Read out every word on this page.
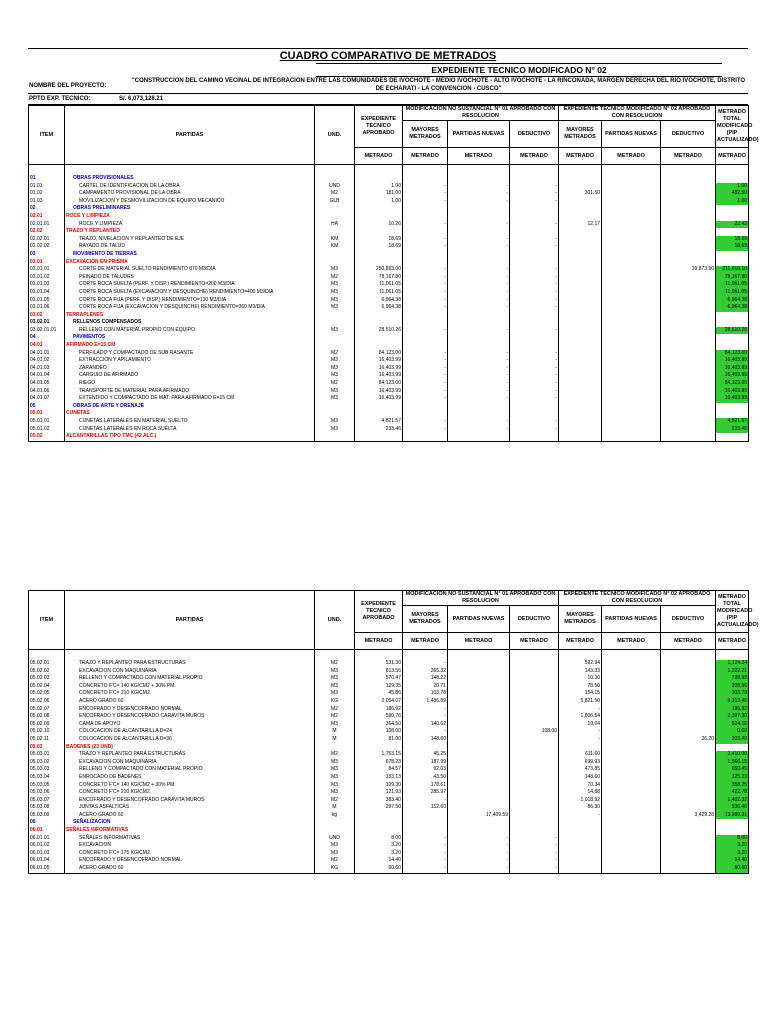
CUADRO COMPARATIVO DE METRADOS
EXPEDIENTE TECNICO MODIFICADO N° 02
NOMBRE DEL PROYECTO:
"CONSTRUCCION DEL CAMINO VECINAL DE INTEGRACION ENTRE LAS COMUNIDADES DE IVOCHOTE - MEDIO IVOCHOTE - ALTO IVOCHOTE - LA RINCONADA, MARGEN DERECHA DEL RIO IVOCHOTE, DISTRITO DE ECHARATI - LA CONVENCION - CUSCO"
PPTO EXP. TECNICO:	S/. 6,073,128.21
ITEM	PARTIDAS	UND.	EXPEDIENTE TECNICO APROBADO	MODIFICACION NO SUSTANCIAL N° 01 APROBADO CON RESOLUCION			EXPEDIENTE TECNICO MODIFICADO N° 02 APROBADO CON RESOLUCION			METRADO TOTAL MODIFICADO (PIP ACTUALIZADO)
				MAYORES METRADOS	PARTIDAS NUEVAS	DEDUCTIVO	MAYORES METRADOS	PARTIDAS NUEVAS	DEDUCTIVO	
			METRADO	METRADO	METRADO	METRADO	METRADO	METRADO	METRADO	METRADO

01	OBRAS PROVISIONALES									
01.01	CARTEL DE IDENTIFICACION DE LA OBRA	UND	1.00	-	-	-				1.00
01.02	CAMPAMENTO PROVISIONAL DE LA OBRA	M2	181.00	-	-	-	301.50			482.50
01.03	MOVILIZACION Y DESMOVILIZACION DE EQUIPO MECANICO	GLB	1.00	-	-	-				1.00
02	OBRAS PRELIMINARES									
02.01	ROCE Y LIMPIEZA									
02.01.01	ROCE Y LIMPIEZA	HA	10.26	-	-	-	12.17			22.43
02.02	TRAZO Y REPLANTEO									
02.02.01	TRAZO, NIVELACION Y REPLANTEO DE EJE	KM	18.69	-	-	-				18.69
02.02.02	RAYADO DE TALUD	KM	18.69	-	-	-				18.69
03	MOVIMIENTO DE TIERRAS									
03.01	EXCAVACION EN PRISMA									
03.01.01	CORTE DE MATERIAL SUELTO RENDIMIENTO 870 M3/DIA	M3	250,893.00	-	-	-			39,873.90	211,019.10
03.01.02	PEINADO DE TALUDES	M2	78,167.80	-	-	-				78,167.80
03.01.03	CORTE ROCA SUELTA (PERF. Y DISP.) RENDIMIENTO=200 M3/DIA	M3	11,061.05	-	-	-				11,061.05
03.01.04	CORTE ROCA SUELTA (EXCAVACION Y DESQUINCHE) RENDIMIENTO=400 M3/DIA	M3	11,061.05	-	-	-				11,061.05
03.01.05	CORTE ROCA FIJA (PERF. Y DISP.) RENDIMIENTO=130 M3/DIA	M3	6,964.38	-	-	-				6,964.38
03.01.06	CORTE ROCA FIJA (EXCAVACION Y DESQUINCHE) RENDIMIENTO=360 M3/DIA	M3	6,964.38	-	-	-				6,964.38
03.02	TERRAPLENES									
03.02.01	RELLENOS COMPENSADOS									
03.02.01.01	RELLENO CON MATERIAL PROPIO CON EQUIPO	M3	28,510.26	-	-	-				28,510.26
04	PAVIMENTOS									
04.01	AFIRMADO E=15 CM									
04.01.01	PERFILADO Y COMPACTADO DE SUB RASANTE	M2	84,123.00	-	-	-				84,123.00
04.01.02	EXTRACCION Y APILAMIENTO	M3	16,403.99	-	-	-				16,403.99
04.01.03	ZARANDEO	M3	16,403.99	-	-	-				16,403.99
04.01.04	CARGUIO DE AFIRMADO	M3	16,403.99	-	-	-				16,403.99
04.01.05	RIEGO	M2	84,123.00	-	-	-				84,123.00
04.01.06	TRANSPORTE DE MATERIAL PARA AFIRMADO	M3	16,403.99	-	-	-				16,403.99
04.01.07	EXTENDIDO Y COMPACTADO DE MAT. PARA AFIRMADO E=15 CM	M3	16,403.99	-	-	-				16,403.99
05	OBRAS DE ARTE Y DRENAJE									
05.01	CUNETAS									
05.01.01	CUNETAS LATERALES EN MATERIAL SUELTO	M3	4,821.57	-	-	-				4,821.57
05.01.02	CUNETAS LATERALES EN ROCA SUELTA	M3	233.46	-	-	-				233.46
05.02	ALCANTARILLAS TIPO TMC (42 ALC.)									
ITEM	PARTIDAS	UND.	EXPEDIENTE TECNICO APROBADO	MODIFICACION NO SUSTANCIAL N° 01 APROBADO CON RESOLUCION			EXPEDIENTE TECNICO MODIFICADO N° 02 APROBADO CON RESOLUCION			METRADO TOTAL MODIFICADO (PIP ACTUALIZADO)
				MAYORES METRADOS	PARTIDAS NUEVAS	DEDUCTIVO	MAYORES METRADOS	PARTIDAS NUEVAS	DEDUCTIVO	
			METRADO	METRADO	METRADO	METRADO	METRADO	METRADO	METRADO	METRADO

05.02.01	TRAZO Y REPLANTEO PARA ESTRUCTURAS	M2	531.30	-			592.94			1,124.24
05.02.02	EXCAVACION CON MAQUINARIA	M3	813.56	265.32			143.33			1,222.21
05.02.03	RELLENO Y COMPACTADO CON MATERIAL PROPIO	M3	570.47	148.22			10.30			728.99
05.02.04	CONCRETO F'C= 140 KG/CM2 + 30% PM.	M3	129.35	20.71			78.50			228.56
05.02.05	CONCRETO F'C= 210 KG/CM2.	M3	45.86	103.78			154.15			303.79
05.02.06	ACERO GRADO 60	KG	2,054.07	1,436.89			5,821.50			9,312.46
05.02.07	ENCOFRADO Y DESENCOFRADO NORMAL	M2	186.92	-			-			186.92
05.02.08	ENCOFRADO Y DESENCOFRADO CARAVITA MUROS	M2	590.76	-			1,806.54			2,397.30
05.02.09	CAMA DE APOYO	M3	364.50	140.62			19.04			524.16
05.02.10	COLOCACION DE ALCANTARILLA D=24	M	108.00	-		108.00	-			0.00
05.02.11	COLOCACION DE ALCANTARILLA D=36	M	81.00	148.60			-		26.20	203.40
05.03	BADENES (23 UND)									
05.03.01	TRAZO Y REPLANTEO PARA ESTRUCTURAS	M2	1,753.15	45.25			611.60			2,410.00
05.03.02	EXCAVACION CON MAQUINARIA	M3	678.23	187.99			699.93			1,566.15
05.03.03	RELLENO Y COMPACTADO CON MATERIAL PROPIO	M3	84.57	92.03			473.85			650.45
05.03.04	ENROCADO DE BADENES	M3	133.13	43.50			148.60			325.23
05.03.05	CONCRETO F'C= 140 KG/CM2 + 30% PM.	M3	109.30	178.61			70.34			358.25
05.03.06	CONCRETO F'C= 210 KG/CM2.	M3	121.93	285.97			14.88			422.78
05.03.07	ENCOFRADO Y DESENCOFRADO CARAVITA MUROS	M2	383.40	-			1,018.92			1,402.32
05.03.08	JUNTAS ASFALTICAS	M	297.50	152.60			86.30			536.40
05.03.09	ACERO GRADO 60	kg			17,409.59		-		3,429.28	13,980.31
06	SEÑALIZACION									
06.01	SEÑALES INFORMATIVAS									
06.01.01	SEÑALES INFORMATIVAS	UND	8.00	-	-	-				8.00
06.01.02	EXCAVACION	M3	3.20	-	-	-				3.20
06.01.03	CONCRETO F'C= 175 KG/CM2.	M3	3.20	-	-	-				3.20
06.01.04	ENCOFRADO Y DESENCOFRADO NORMAL	M2	14.40	-	-	-				14.40
06.01.05	ACERO GRADO 60	KG	60.60	-	-	-				60.60
